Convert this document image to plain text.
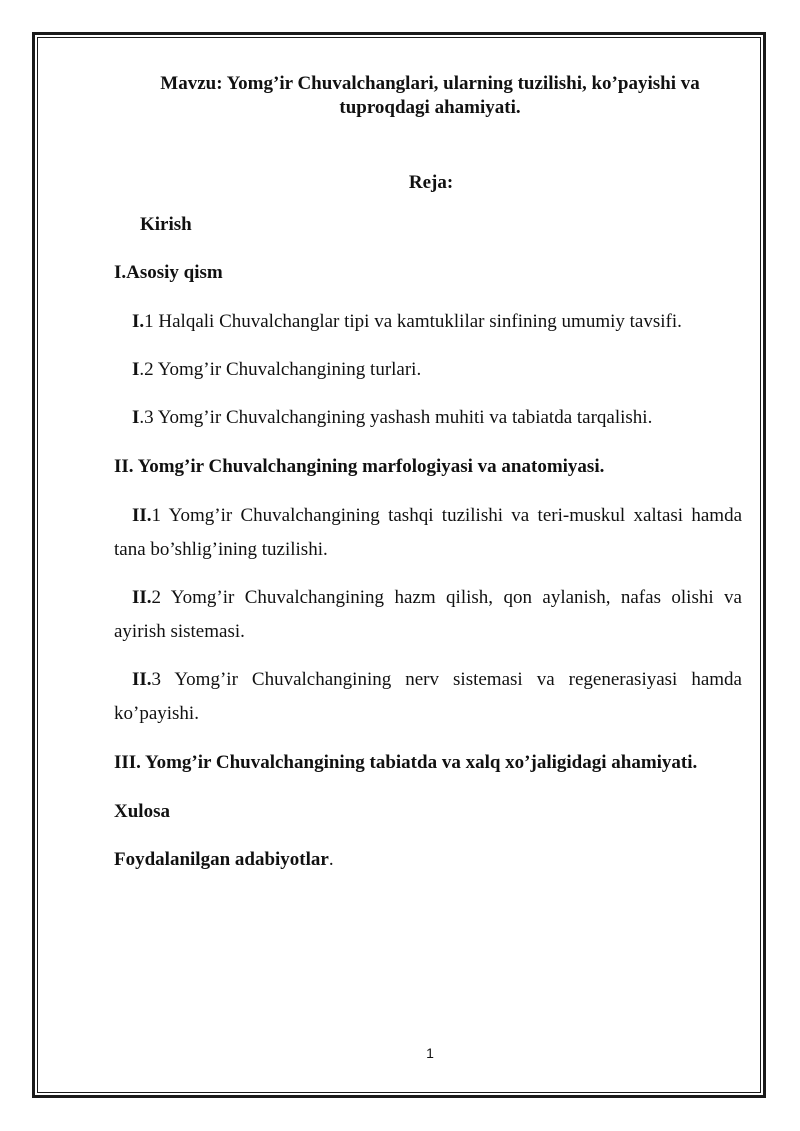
Mavzu: Yomg’ir Chuvalchanglari, ularning tuzilishi, ko’payishi va tuproqdagi ahamiyati.
Reja:
Kirish
I.Asosiy qism
I.1 Halqali Chuvalchanglar tipi va kamtuklilar sinfining umumiy tavsifi.
I.2 Yomg’ir Chuvalchangining turlari.
I.3 Yomg’ir Chuvalchangining yashash muhiti va tabiatda tarqalishi.
II. Yomg’ir Chuvalchangining marfologiyasi va anatomiyasi.
II.1 Yomg’ir Chuvalchangining tashqi tuzilishi va teri-muskul xaltasi hamda tana bo’shlig’ining tuzilishi.
II.2 Yomg’ir Chuvalchangining hazm qilish, qon aylanish, nafas olishi va ayirish sistemasi.
II.3 Yomg’ir Chuvalchangining nerv sistemasi va regenerasiyasi hamda ko’payishi.
III. Yomg’ir Chuvalchangining tabiatda va xalq xo’jaligidagi ahamiyati.
Xulosa
Foydalanilgan adabiyotlar.
1
